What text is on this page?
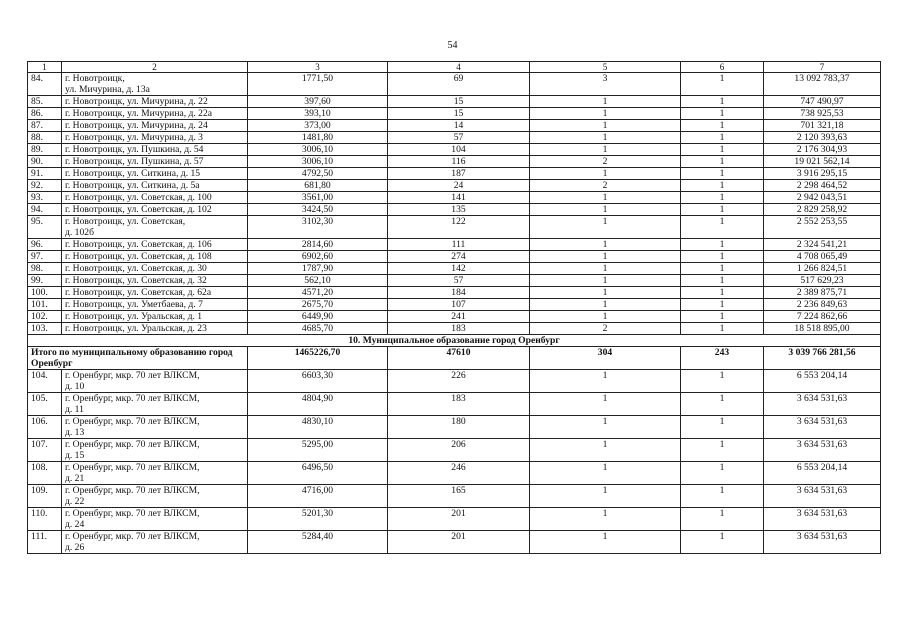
54
1	2	3	4	5	6	7
84.	г. Новотроицк,
ул. Мичурина, д. 13а	1771,50	69	3	1	13 092 783,37
85.	г. Новотроицк, ул. Мичурина, д. 22	397,60	15	1	1	747 490,97
86.	г. Новотроицк, ул. Мичурина, д. 22а	393,10	15	1	1	738 925,53
87.	г. Новотроицк, ул. Мичурина, д. 24	373,00	14	1	1	701 321,18
88.	г. Новотроицк, ул. Мичурина, д. 3	1481,80	57	1	1	2 120 393,63
89.	г. Новотроицк, ул. Пушкина, д. 54	3006,10	104	1	1	2 176 304,93
90.	г. Новотроицк, ул. Пушкина, д. 57	3006,10	116	2	1	19 021 562,14
91.	г. Новотроицк, ул. Ситкина, д. 15	4792,50	187	1	1	3 916 295,15
92.	г. Новотроицк, ул. Ситкина, д. 5а	681,80	24	2	1	2 298 464,52
93.	г. Новотроицк, ул. Советская, д. 100	3561,00	141	1	1	2 942 043,51
94.	г. Новотроицк, ул. Советская, д. 102	3424,50	135	1	1	2 829 258,92
95.	г. Новотроицк, ул. Советская,
д. 102б	3102,30	122	1	1	2 552 253,55
96.	г. Новотроицк, ул. Советская, д. 106	2814,60	111	1	1	2 324 541,21
97.	г. Новотроицк, ул. Советская, д. 108	6902,60	274	1	1	4 708 065,49
98.	г. Новотроицк, ул. Советская, д. 30	1787,90	142	1	1	1 266 824,51
99.	г. Новотроицк, ул. Советская, д. 32	562,10	57	1	1	517 629,23
100.	г. Новотроицк, ул. Советская, д. 62а	4571,20	184	1	1	2 389 875,71
101.	г. Новотроицк, ул. Уметбаева, д. 7	2675,70	107	1	1	2 236 849,63
102.	г. Новотроицк, ул. Уральская, д. 1	6449,90	241	1	1	7 224 862,66
103.	г. Новотроицк, ул. Уральская, д. 23	4685,70	183	2	1	18 518 895,00
10. Муниципальное образование город Оренбург						
Итого по муниципальному образованию город Оренбург		1465226,70	47610	304	243	3 039 766 281,56
104.	г. Оренбург, мкр. 70 лет ВЛКСМ,
д. 10	6603,30	226	1	1	6 553 204,14
105.	г. Оренбург, мкр. 70 лет ВЛКСМ,
д. 11	4804,90	183	1	1	3 634 531,63
106.	г. Оренбург, мкр. 70 лет ВЛКСМ,
д. 13	4830,10	180	1	1	3 634 531,63
107.	г. Оренбург, мкр. 70 лет ВЛКСМ,
д. 15	5295,00	206	1	1	3 634 531,63
108.	г. Оренбург, мкр. 70 лет ВЛКСМ,
д. 21	6496,50	246	1	1	6 553 204,14
109.	г. Оренбург, мкр. 70 лет ВЛКСМ,
д. 22	4716,00	165	1	1	3 634 531,63
110.	г. Оренбург, мкр. 70 лет ВЛКСМ,
д. 24	5201,30	201	1	1	3 634 531,63
111.	г. Оренбург, мкр. 70 лет ВЛКСМ,
д. 26	5284,40	201	1	1	3 634 531,63
